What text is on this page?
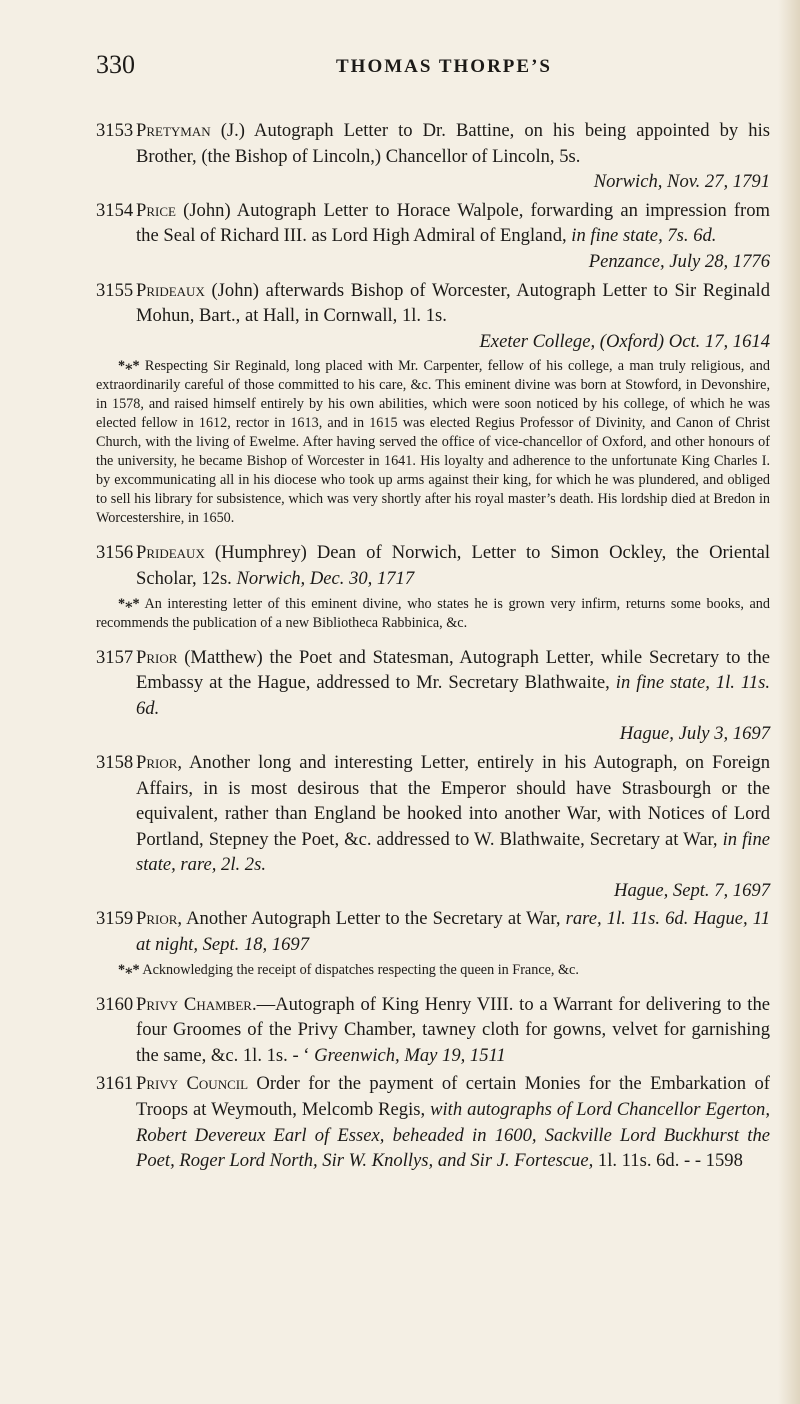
330	THOMAS THORPE’S

3153 Pretyman (J.) Autograph Letter to Dr. Battine, on his being appointed by his Brother, (the Bishop of Lincoln,) Chancellor of Lincoln, 5s.
Norwich, Nov. 27, 1791

3154 Price (John) Autograph Letter to Horace Walpole, forwarding an impression from the Seal of Richard III. as Lord High Admiral of England, in fine state, 7s. 6d.
Penzance, July 28, 1776

3155 Prideaux (John) afterwards Bishop of Worcester, Autograph Letter to Sir Reginald Mohun, Bart., at Hall, in Cornwall, 1l. 1s.
Exeter College, (Oxford) Oct. 17, 1614

*⁎* Respecting Sir Reginald, long placed with Mr. Carpenter, fellow of his college, a man truly religious, and extraordinarily careful of those committed to his care, &c. This eminent divine was born at Stowford, in Devonshire, in 1578, and raised himself entirely by his own abilities, which were soon noticed by his college, of which he was elected fellow in 1612, rector in 1613, and in 1615 was elected Regius Professor of Divinity, and Canon of Christ Church, with the living of Ewelme. After having served the office of vice-chancellor of Oxford, and other honours of the university, he became Bishop of Worcester in 1641. His loyalty and adherence to the unfortunate King Charles I. by excommunicating all in his diocese who took up arms against their king, for which he was plundered, and obliged to sell his library for subsistence, which was very shortly after his royal master’s death. His lordship died at Bredon in Worcestershire, in 1650.

3156 Prideaux (Humphrey) Dean of Norwich, Letter to Simon Ockley, the Oriental Scholar, 12s. Norwich, Dec. 30, 1717

*⁎* An interesting letter of this eminent divine, who states he is grown very infirm, returns some books, and recommends the publication of a new Bibliotheca Rabbinica, &c.

3157 Prior (Matthew) the Poet and Statesman, Autograph Letter, while Secretary to the Embassy at the Hague, addressed to Mr. Secretary Blathwaite, in fine state, 1l. 11s. 6d.
Hague, July 3, 1697

3158 Prior, Another long and interesting Letter, entirely in his Autograph, on Foreign Affairs, in is most desirous that the Emperor should have Strasbourgh or the equivalent, rather than England be hooked into another War, with Notices of Lord Portland, Stepney the Poet, &c. addressed to W. Blathwaite, Secretary at War, in fine state, rare, 2l. 2s.
Hague, Sept. 7, 1697

3159 Prior, Another Autograph Letter to the Secretary at War, rare, 1l. 11s. 6d. Hague, 11 at night, Sept. 18, 1697

*⁎* Acknowledging the receipt of dispatches respecting the queen in France, &c.

3160 Privy Chamber.—Autograph of King Henry VIII. to a Warrant for delivering to the four Groomes of the Privy Chamber, tawney cloth for gowns, velvet for garnishing the same, &c. 1l. 1s. - ‘ Greenwich, May 19, 1511

3161 Privy Council Order for the payment of certain Monies for the Embarkation of Troops at Weymouth, Melcomb Regis, with autographs of Lord Chancellor Egerton, Robert Devereux Earl of Essex, beheaded in 1600, Sackville Lord Buckhurst the Poet, Roger Lord North, Sir W. Knollys, and Sir J. Fortescue, 1l. 11s. 6d. - - 1598
